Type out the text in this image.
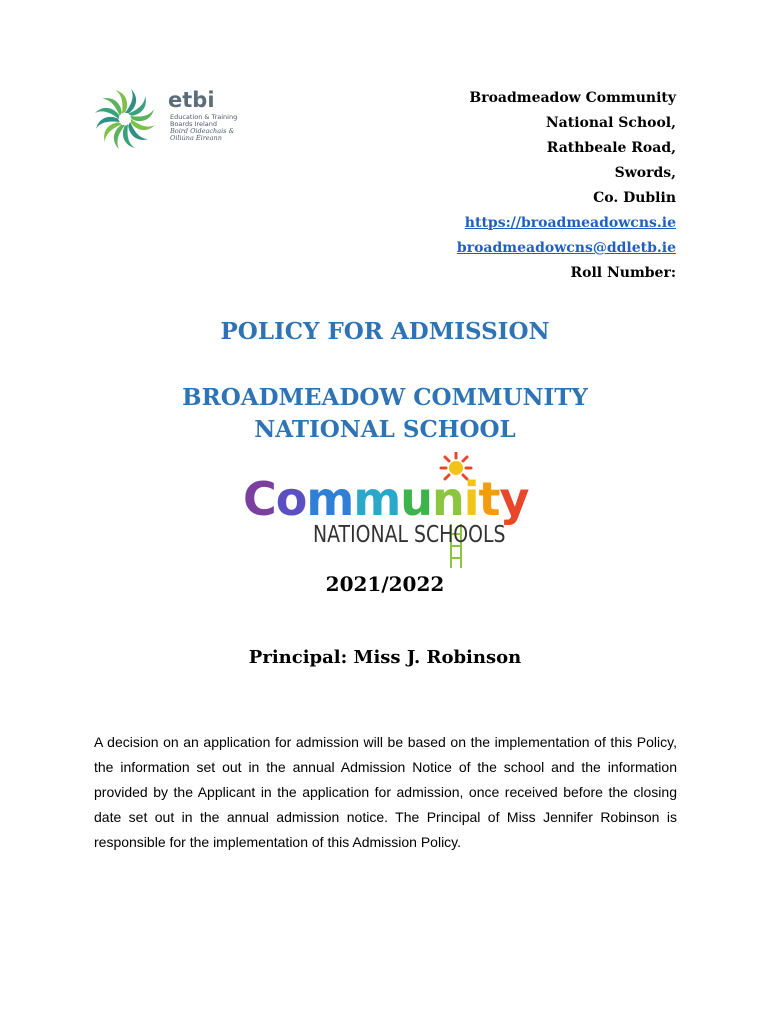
etbi
Education & Training
Boards Ireland
Boird Oideachais &
Oiliúna Éireann
Broadmeadow Community
National School,
Rathbeale Road,
Swords,
Co. Dublin
https://broadmeadowcns.ie
broadmeadowcns@ddletb.ie
Roll Number:
POLICY FOR ADMISSION
BROADMEADOW COMMUNITY
NATIONAL SCHOOL
Community
NATIONAL SCHOOLS
2021/2022
Principal: Miss J. Robinson
A decision on an application for admission will be based on the implementation of this Policy, the information set out in the annual Admission Notice of the school and the information provided by the Applicant in the application for admission, once received before the closing date set out in the annual admission notice. The Principal of Miss Jennifer Robinson is responsible for the implementation of this Admission Policy.
